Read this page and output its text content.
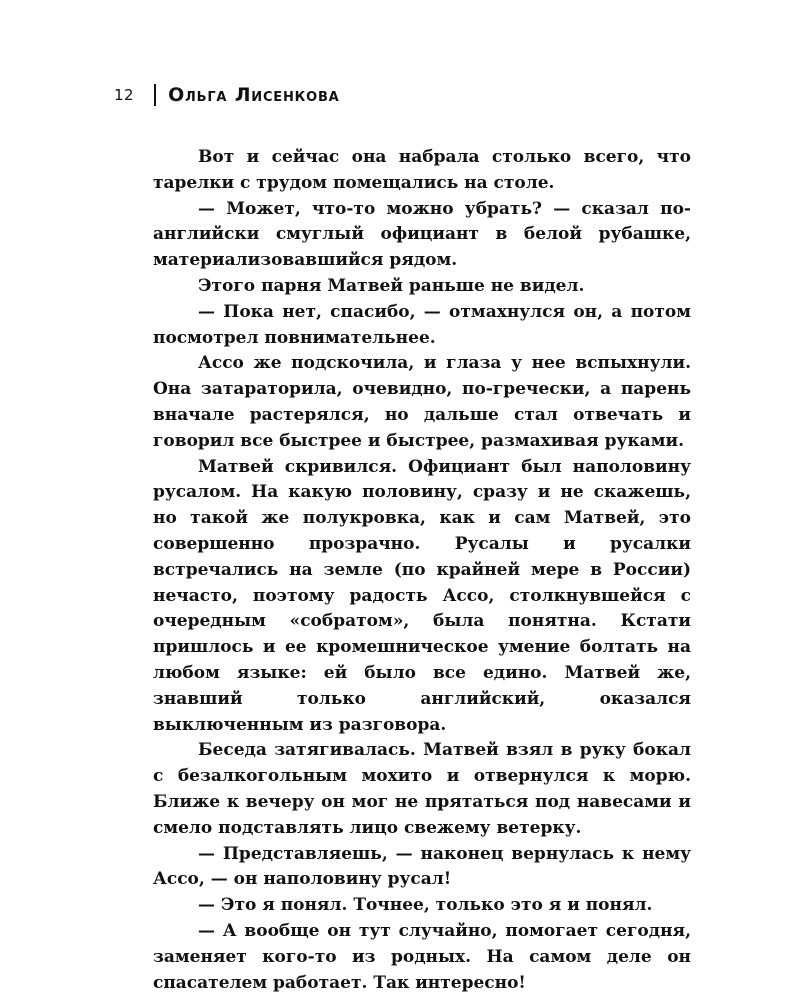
12 Ольга Лисенкова

Вот и сейчас она набрала столько всего, что тарелки с трудом помещались на столе.

— Может, что-то можно убрать? — сказал по-английски смуглый официант в белой рубашке, материализовавшийся рядом.

Этого парня Матвей раньше не видел.

— Пока нет, спасибо, — отмахнулся он, а потом посмотрел повнимательнее.

Ассо же подскочила, и глаза у нее вспыхнули. Она затараторила, очевидно, по-гречески, а парень вначале растерялся, но дальше стал отвечать и говорил все быстрее и быстрее, размахивая руками.

Матвей скривился. Официант был наполовину русалом. На какую половину, сразу и не скажешь, но такой же полукровка, как и сам Матвей, это совершенно прозрачно. Русалы и русалки встречались на земле (по крайней мере в России) нечасто, поэтому радость Ассо, столкнувшейся с очередным «собратом», была понятна. Кстати пришлось и ее кромешническое умение болтать на любом языке: ей было все едино. Матвей же, знавший только английский, оказался выключенным из разговора.

Беседа затягивалась. Матвей взял в руку бокал с безалкогольным мохито и отвернулся к морю. Ближе к вечеру он мог не прятаться под навесами и смело подставлять лицо свежему ветерку.

— Представляешь, — наконец вернулась к нему Ассо, — он наполовину русал!

— Это я понял. Точнее, только это я и понял.

— А вообще он тут случайно, помогает сегодня, заменяет кого-то из родных. На самом деле он спасателем работает. Так интересно!
